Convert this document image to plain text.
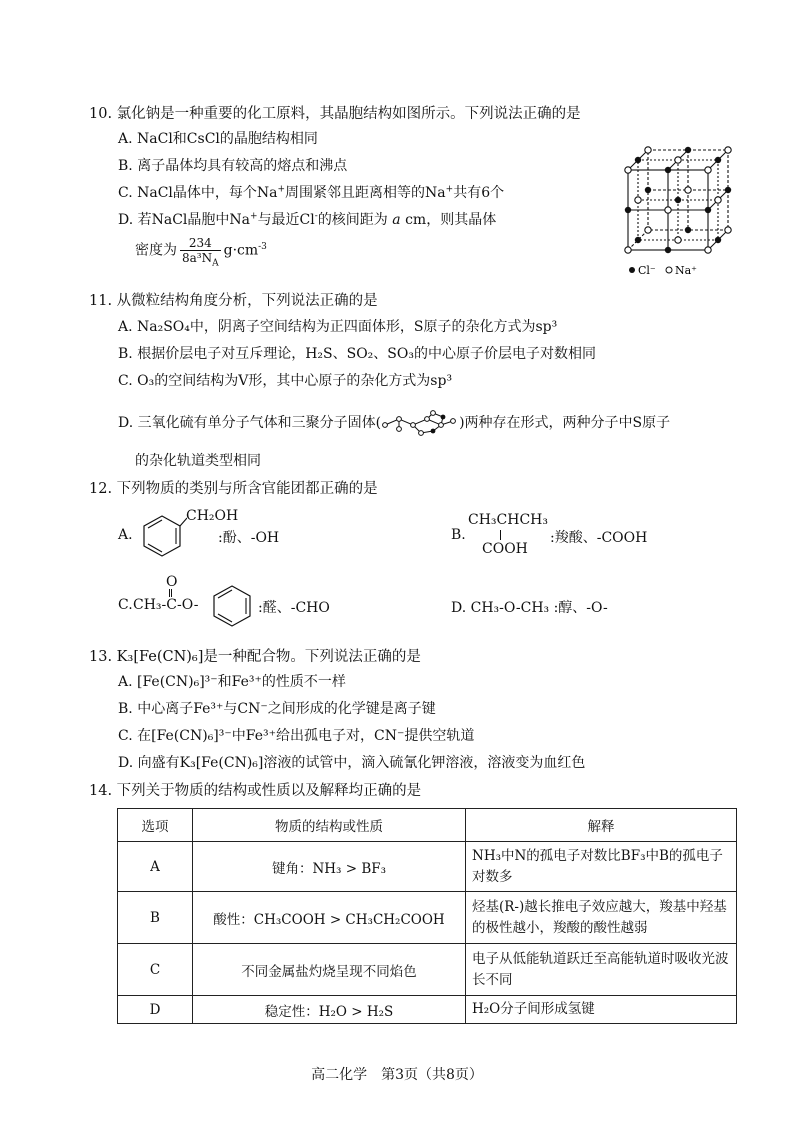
10. 氯化钠是一种重要的化工原料，其晶胞结构如图所示。下列说法正确的是
A. NaCl和CsCl的晶胞结构相同
B. 离子晶体均具有较高的熔点和沸点
C. NaCl晶体中，每个Na+周围紧邻且距离相等的Na+共有6个
D. 若NaCl晶胞中Na+与最近Cl-的核间距为 a cm，则其晶体
密度为 $\frac{234}{8a^3N_A} g\cdot cm^{-3}$
Cl⁻ Na⁺
11. 从微粒结构角度分析，下列说法正确的是
A. Na₂SO₄中，阴离子空间结构为正四面体形，S原子的杂化方式为sp³
B. 根据价层电子对互斥理论，H₂S、SO₂、SO₃的中心原子价层电子对数相同
C. O₃的空间结构为V形，其中心原子的杂化方式为sp³
D. 三氧化硫有单分子气体和三聚分子固体(	)两种存在形式，两种分子中S原子
的杂化轨道类型相同
12. 下列物质的类别与所含官能团都正确的是
A.
CH₂OH
:酚、-OH	B.
CH₃CHCH₃
COOH
:羧酸、-COOH
C.
O
CH₃-C-O-	:醛、-CHO	D. CH₃-O-CH₃ :醇、-O-
13. K₃[Fe(CN)₆]是一种配合物。下列说法正确的是
A. [Fe(CN)₆]³⁻和Fe³⁺的性质不一样
B. 中心离子Fe³⁺与CN⁻之间形成的化学键是离子键
C. 在[Fe(CN)₆]³⁻中Fe³⁺给出孤电子对，CN⁻提供空轨道
D. 向盛有K₃[Fe(CN)₆]溶液的试管中，滴入硫氰化钾溶液，溶液变为血红色
14. 下列关于物质的结构或性质以及解释均正确的是
选项	物质的结构或性质	解释
A	键角：NH₃ > BF₃	NH₃中N的孤电子对数比BF₃中B的孤电子对数多
B	酸性：CH₃COOH > CH₃CH₂COOH	烃基(R-)越长推电子效应越大，羧基中羟基的极性越小，羧酸的酸性越弱
C	不同金属盐灼烧呈现不同焰色	电子从低能轨道跃迁至高能轨道时吸收光波长不同
D	稳定性：H₂O > H₂S	H₂O分子间形成氢键
高二化学　第3页（共8页）
